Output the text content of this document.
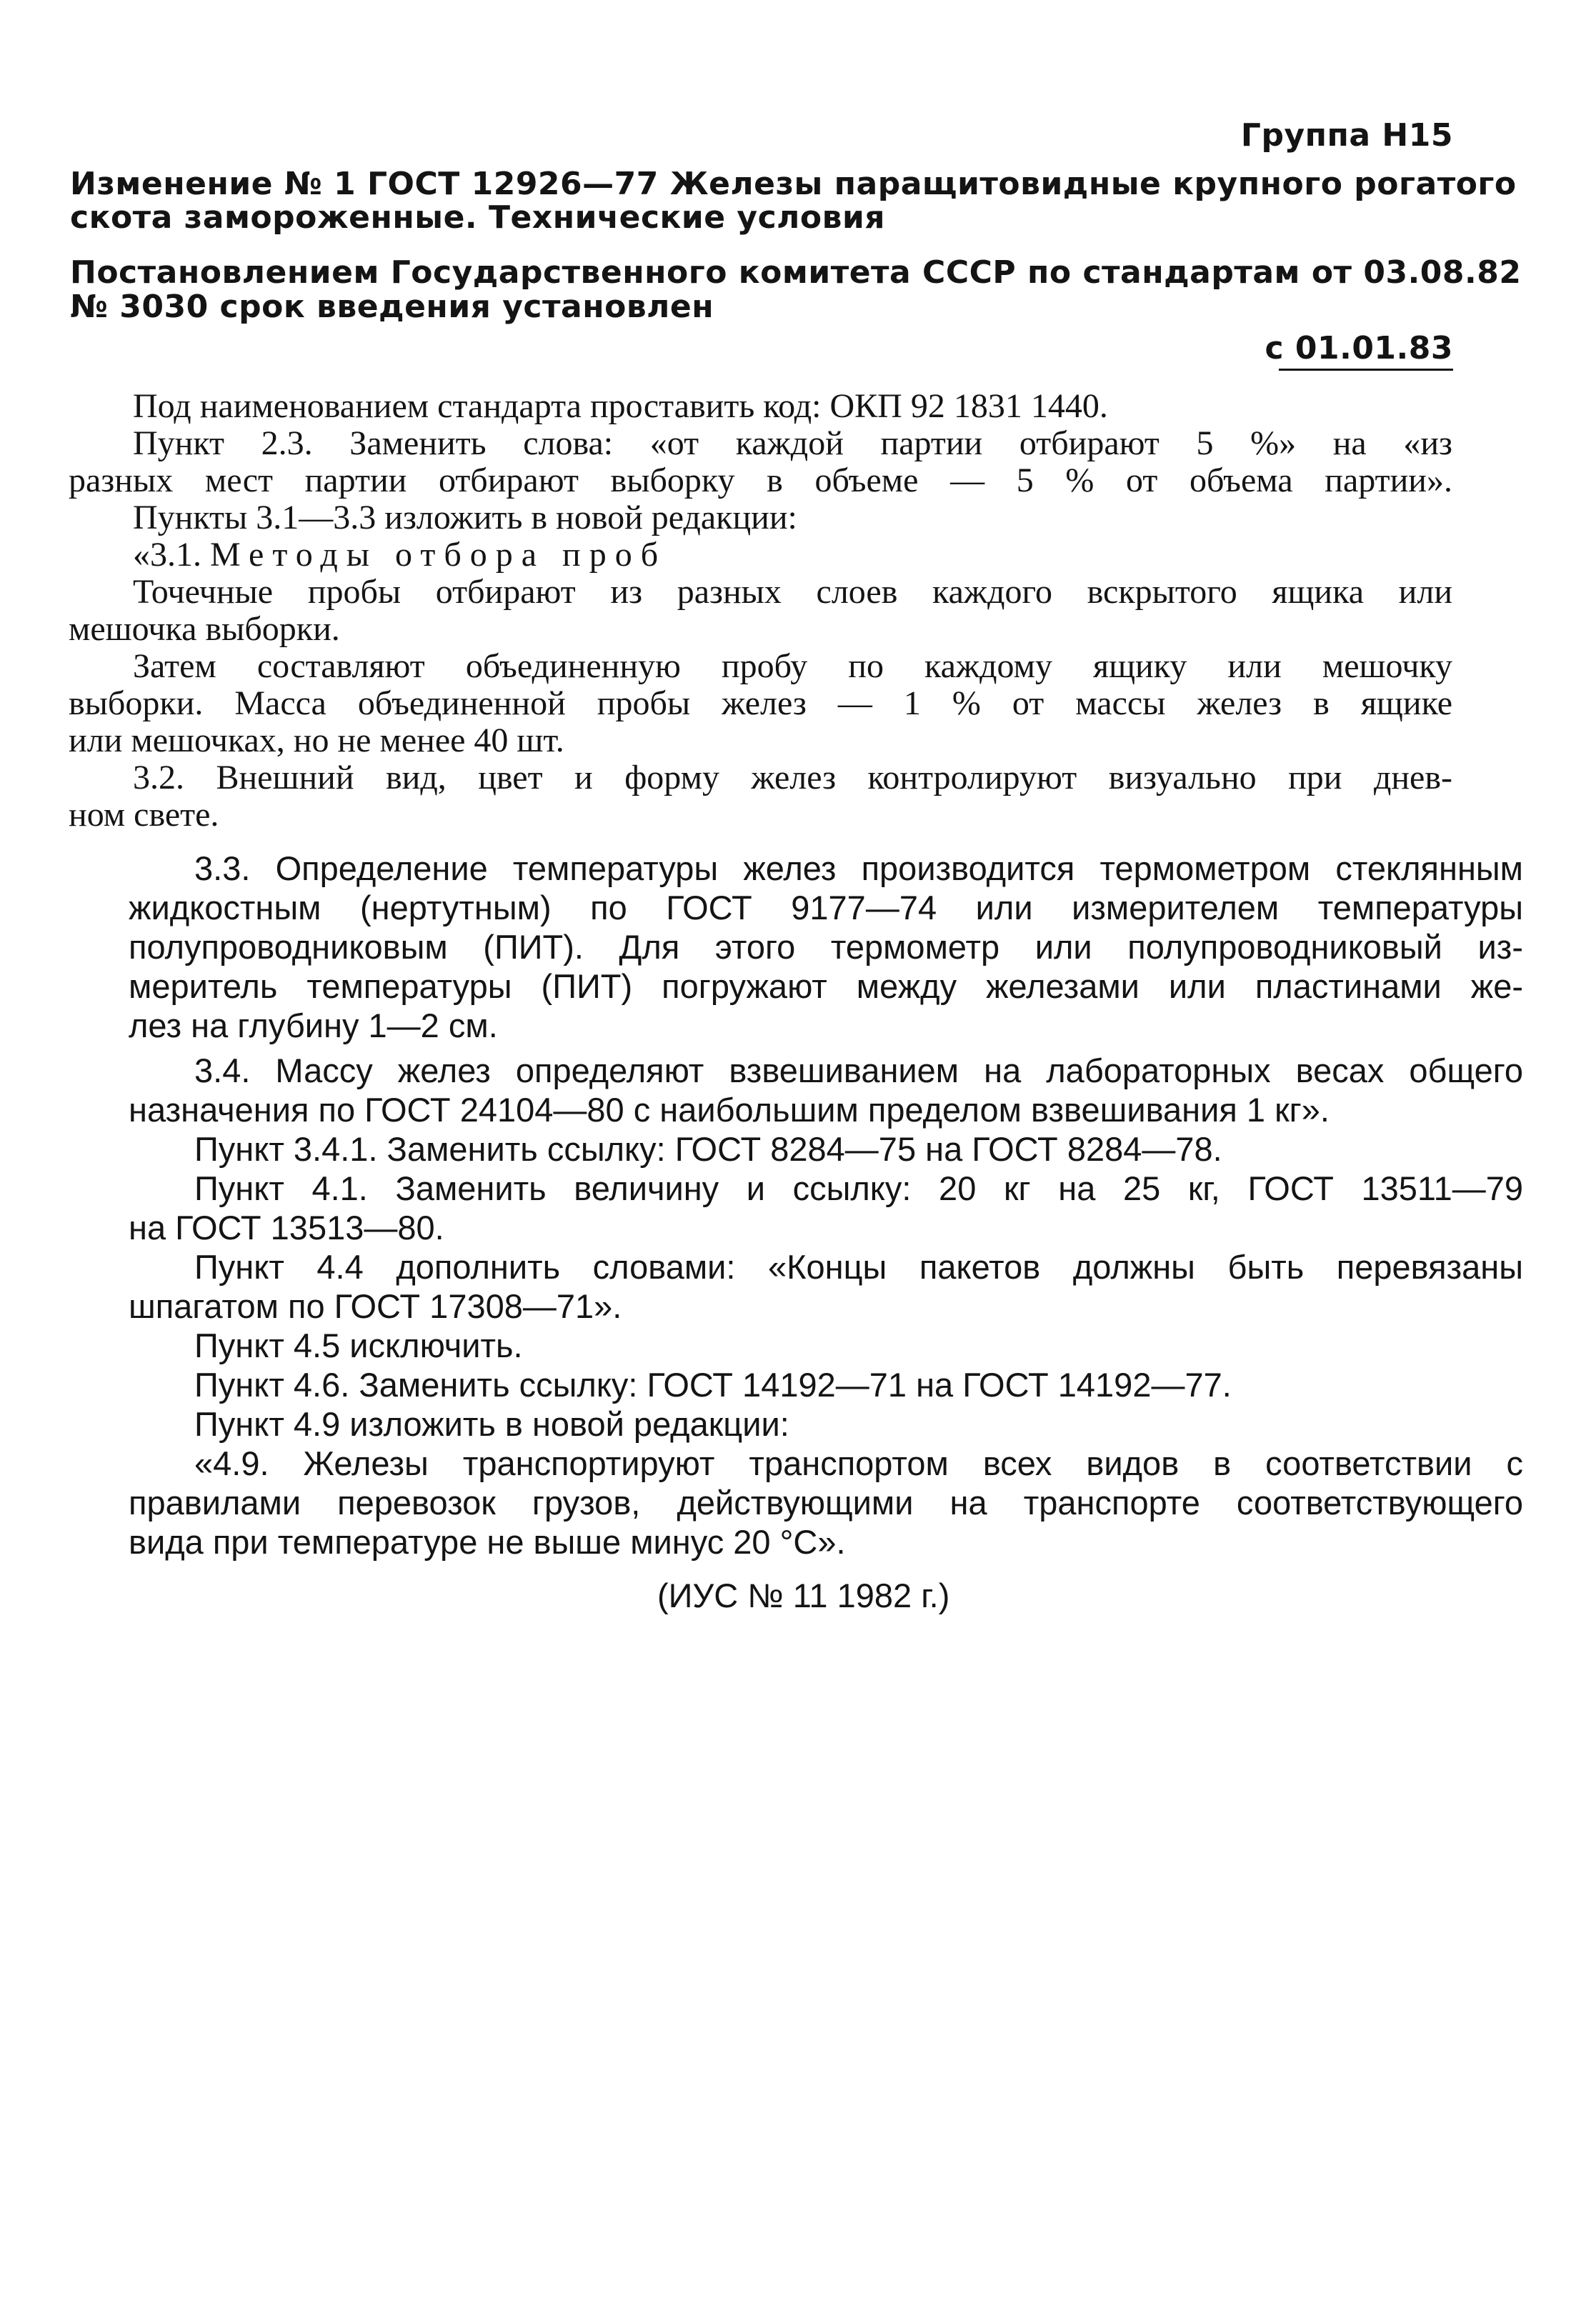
Группа Н15
Изменение № 1 ГОСТ 12926—77 Железы паращитовидные крупного рогатого
скота замороженные. Технические условия
Постановлением Государственного комитета СССР по стандартам от 03.08.82
№ 3030 срок введения установлен
с 01.01.83
Под наименованием стандарта проставить код: ОКП 92 1831 1440.
Пункт 2.3. Заменить слова: «от каждой партии отбирают 5 %» на «из
разных мест партии отбирают выборку в объеме — 5 % от объема партии».
Пункты 3.1—3.3 изложить в новой редакции:
«3.1. Методы отбора проб
Точечные пробы отбирают из разных слоев каждого вскрытого ящика или
мешочка выборки.
Затем составляют объединенную пробу по каждому ящику или мешочку
выборки. Масса объединенной пробы желез — 1 % от массы желез в ящике
или мешочках, но не менее 40 шт.
3.2. Внешний вид, цвет и форму желез контролируют визуально при днев-
ном свете.
3.3. Определение температуры желез производится термометром стеклянным
жидкостным (нертутным) по ГОСТ 9177—74 или измерителем температуры
полупроводниковым (ПИТ). Для этого термометр или полупроводниковый из-
меритель температуры (ПИТ) погружают между железами или пластинами же-
лез на глубину 1—2 см.
3.4. Массу желез определяют взвешиванием на лабораторных весах общего
назначения по ГОСТ 24104—80 с наибольшим пределом взвешивания 1 кг».
Пункт 3.4.1. Заменить ссылку: ГОСТ 8284—75 на ГОСТ 8284—78.
Пункт 4.1. Заменить величину и ссылку: 20 кг на 25 кг, ГОСТ 13511—79
на ГОСТ 13513—80.
Пункт 4.4 дополнить словами: «Концы пакетов должны быть перевязаны
шпагатом по ГОСТ 17308—71».
Пункт 4.5 исключить.
Пункт 4.6. Заменить ссылку: ГОСТ 14192—71 на ГОСТ 14192—77.
Пункт 4.9 изложить в новой редакции:
«4.9. Железы транспортируют транспортом всех видов в соответствии с
правилами перевозок грузов, действующими на транспорте соответствующего
вида при температуре не выше минус 20 °С».
(ИУС № 11 1982 г.)
